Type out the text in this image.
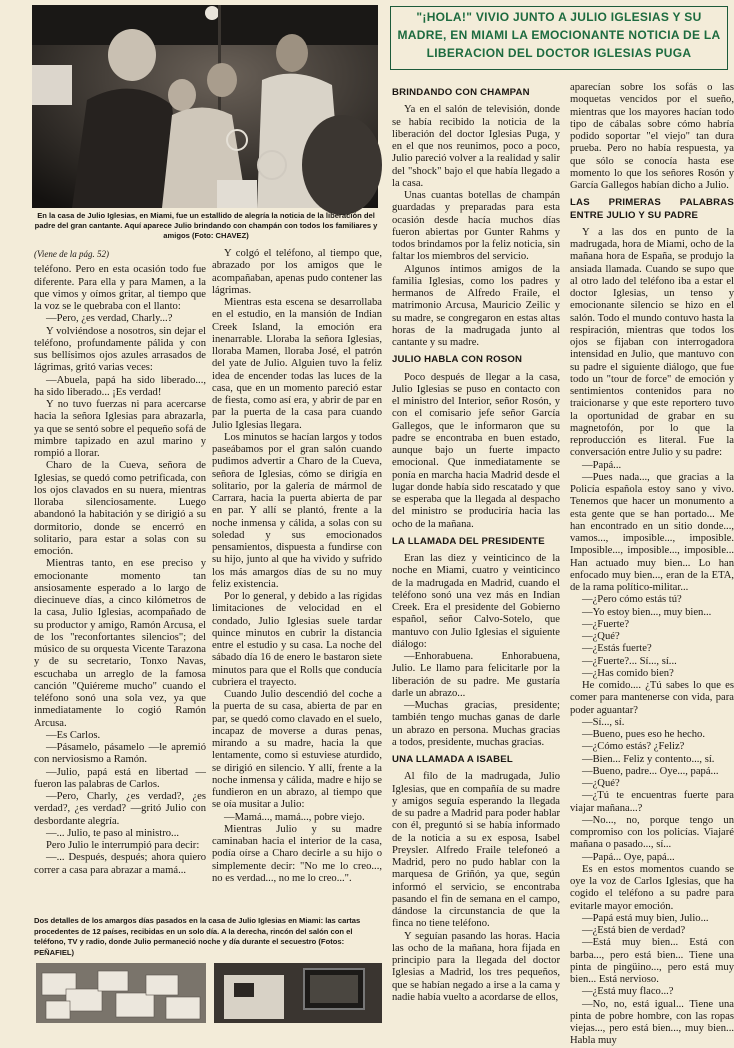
En la casa de Julio Iglesias, en Miami, fue un estallido de alegría la noticia de la liberación del padre del gran cantante. Aquí aparece Julio brindando con champán con todos los familiares y amigos (Foto: CHAVEZ)
"¡HOLA!" VIVIO JUNTO A JULIO IGLESIAS Y SU MADRE, EN MIAMI LA EMOCIONANTE NOTICIA DE LA LIBERACION DEL DOCTOR IGLESIAS PUGA
(Viene de la pág. 52)

teléfono. Pero en esta ocasión todo fue diferente. Para ella y para Mamen, a la que vimos y oímos gritar, al tiempo que la voz se le quebraba con el llanto:

—Pero, ¿es verdad, Charly...?

Y volviéndose a nosotros, sin dejar el teléfono, profundamente pálida y con sus bellísimos ojos azules arrasados de lágrimas, gritó varias veces:

—Abuela, papá ha sido liberado..., ha sido liberado... ¡Es verdad!

Y no tuvo fuerzas ni para acercarse hacia la señora Iglesias para abrazarla, ya que se sentó sobre el pequeño sofá de mimbre tapizado en azul marino y rompió a llorar.

Charo de la Cueva, señora de Iglesias, se quedó como petrificada, con los ojos clavados en su nuera, mientras lloraba silenciosamente. Luego abandonó la habitación y se dirigió a su dormitorio, donde se encerró en solitario, para estar a solas con su emoción.

Mientras tanto, en ese preciso y emocionante momento tan ansiosamente esperado a lo largo de diecinueve días, a cinco kilómetros de la casa, Julio Iglesias, acompañado de su productor y amigo, Ramón Arcusa, el de los "reconfortantes silencios"; del músico de su orquesta Vicente Tarazona y de su secretario, Tonxo Navas, escuchaba un arreglo de la famosa canción "Quiéreme mucho" cuando el teléfono sonó una sola vez, ya que inmediatamente lo cogió Ramón Arcusa.

—Es Carlos.

—Pásamelo, pásamelo —le apremió con nerviosismo a Ramón.

—Julio, papá está en libertad —fueron las palabras de Carlos.

—Pero, Charly, ¿es verdad?, ¿es verdad?, ¿es verdad? —gritó Julio con desbordante alegría.

—... Julio, te paso al ministro...

Pero Julio le interrumpió para decir:

—... Después, después; ahora quiero correr a casa para abrazar a mamá...

Y colgó el teléfono, al tiempo que, abrazado por los amigos que le acompañaban, apenas pudo contener las lágrimas.

Mientras esta escena se desarrollaba en el estudio, en la mansión de Indian Creek Island, la emoción era inenarrable. Lloraba la señora Iglesias, lloraba Mamen, lloraba José, el patrón del yate de Julio. Alguien tuvo la feliz idea de encender todas las luces de la casa, que en un momento pareció estar de fiesta, como así era, y abrir de par en par la puerta de la casa para cuando Julio Iglesias llegara.

Los minutos se hacían largos y todos paseábamos por el gran salón cuando pudimos advertir a Charo de la Cueva, señora de Iglesias, cómo se dirigía en solitario, por la galería de mármol de Carrara, hacia la puerta abierta de par en par. Y allí se plantó, frente a la noche inmensa y cálida, a solas con su soledad y sus emocionados pensamientos, dispuesta a fundirse con su hijo, junto al que ha vivido y sufrido los más amargos días de su no muy feliz existencia.

Por lo general, y debido a las rígidas limitaciones de velocidad en el condado, Julio Iglesias suele tardar quince minutos en cubrir la distancia entre el estudio y su casa. La noche del sábado día 16 de enero le bastaron siete minutos para que el Rolls que conducía cubriera el trayecto.

Cuando Julio descendió del coche a la puerta de su casa, abierta de par en par, se quedó como clavado en el suelo, incapaz de moverse a duras penas, mirando a su madre, hacia la que lentamente, como si estuviese aturdido, se dirigió en silencio. Y allí, frente a la noche inmensa y cálida, madre e hijo se fundieron en un abrazo, al tiempo que se oía musitar a Julio:

—Mamá..., mamá..., pobre viejo.

Mientras Julio y su madre caminaban hacia el interior de la casa, podía oírse a Charo decirle a su hijo o simplemente decir: "No me lo creo..., no es verdad..., no me lo creo...".

BRINDANDO CON CHAMPAN

Ya en el salón de televisión, donde se había recibido la noticia de la liberación del doctor Iglesias Puga, y en el que nos reunimos, poco a poco, Julio pareció volver a la realidad y salir del "shock" bajo el que había llegado a la casa.

Unas cuantas botellas de champán guardadas y preparadas para esta ocasión desde hacía muchos días fueron abiertas por Gunter Rahms y todos brindamos por la feliz noticia, sin faltar los miembros del servicio.

Algunos íntimos amigos de la familia Iglesias, como los padres y hermanos de Alfredo Fraile, el matrimonio Arcusa, Mauricio Zeilic y su madre, se congregaron en estas altas horas de la madrugada junto al cantante y su madre.

JULIO HABLA CON ROSON

Poco después de llegar a la casa, Julio Iglesias se puso en contacto con el ministro del Interior, señor Rosón, y con el comisario jefe señor García Gallegos, que le informaron que su padre se encontraba en buen estado, aunque bajo un fuerte impacto emocional. Que inmediatamente se ponía en marcha hacia Madrid desde el lugar donde había sido rescatado y que se esperaba que la llegada al despacho del ministro se produciría hacia las ocho de la mañana.

LA LLAMADA DEL PRESIDENTE

Eran las diez y veinticinco de la noche en Miami, cuatro y veinticinco de la madrugada en Madrid, cuando el teléfono sonó una vez más en Indian Creek. Era el presidente del Gobierno español, señor Calvo-Sotelo, que mantuvo con Julio Iglesias el siguiente diálogo:

—Enhorabuena. Enhorabuena, Julio. Le llamo para felicitarle por la liberación de su padre. Me gustaría darle un abrazo...

—Muchas gracias, presidente; también tengo muchas ganas de darle un abrazo en persona. Muchas gracias a todos, presidente, muchas gracias.

UNA LLAMADA A ISABEL

Al filo de la madrugada, Julio Iglesias, que en compañía de su madre y amigos seguía esperando la llegada de su padre a Madrid para poder hablar con él, preguntó si se había informado de la noticia a su ex esposa, Isabel Preysler. Alfredo Fraile telefoneó a Madrid, pero no pudo hablar con la marquesa de Griñón, ya que, según informó el servicio, se encontraba pasando el fin de semana en el campo, dándose la circunstancia de que la finca no tiene teléfono.

Y seguían pasando las horas. Hacia las ocho de la mañana, hora fijada en principio para la llegada del doctor Iglesias a Madrid, los tres pequeños, que se habían negado a irse a la cama y nadie había vuelto a acordarse de ellos,

aparecían sobre los sofás o las moquetas vencidos por el sueño, mientras que los mayores hacían todo tipo de cábalas sobre cómo habría podido soportar "el viejo" tan dura prueba. Pero no había respuesta, ya que sólo se conocía hasta ese momento lo que los señores Rosón y García Gallegos habían dicho a Julio.

LAS PRIMERAS PALABRAS ENTRE JULIO Y SU PADRE

Y a las dos en punto de la madrugada, hora de Miami, ocho de la mañana hora de España, se produjo la ansiada llamada. Cuando se supo que al otro lado del teléfono iba a estar el doctor Iglesias, un tenso y emocionante silencio se hizo en el salón. Todo el mundo contuvo hasta la respiración, mientras que todos los ojos se fijaban con interrogadora intensidad en Julio, que mantuvo con su padre el siguiente diálogo, que fue todo un "tour de force" de emoción y sentimientos contenidos para no traicionarse y que este reportero tuvo la oportunidad de grabar en su magnetofón, por lo que la reproducción es literal. Fue la conversación entre Julio y su padre:

—Papá...

—Pues nada..., que gracias a la Policía española estoy sano y vivo. Tenemos que hacer un monumento a esta gente que se han portado... Me han encontrado en un sitio donde..., vamos..., imposible..., imposible. Imposible..., imposible..., imposible... Han actuado muy bien... Lo han enfocado muy bien..., eran de la ETA, de la rama político-militar...

—¿Pero cómo estás tú?

—Yo estoy bien..., muy bien...

—¿Fuerte?

—¿Qué?

—¿Estás fuerte?

—¿Fuerte?... Sí..., sí...

—¿Has comido bien?

He comido.... ¿Tú sabes lo que es comer para mantenerse con vida, para poder aguantar?

—Sí..., sí.

—Bueno, pues eso he hecho.

—¿Cómo estás? ¿Feliz?

—Bien... Feliz y contento..., sí.

—Bueno, padre... Oye..., papá...

—¿Qué?

—¿Tú te encuentras fuerte para viajar mañana...?

—No..., no, porque tengo un compromiso con los policías. Viajaré mañana o pasado..., sí...

—Papá... Oye, papá...

Es en estos momentos cuando se oye la voz de Carlos Iglesias, que ha cogido el teléfono a su padre para evitarle mayor emoción.

—Papá está muy bien, Julio...

—¿Está bien de verdad?

—Está muy bien... Está con barba..., pero está bien... Tiene una pinta de pingüino..., pero está muy bien... Está nervioso.

—¿Está muy flaco...?

—No, no, está igual... Tiene una pinta de pobre hombre, con las ropas viejas..., pero está bien..., muy bien... Habla muy

Dos detalles de los amargos días pasados en la casa de Julio Iglesias en Miami: las cartas procedentes de 12 países, recibidas en un solo día. A la derecha, rincón del salón con el teléfono, TV y radio, donde Julio permaneció noche y día durante el secuestro (Fotos: PEÑAFIEL)
